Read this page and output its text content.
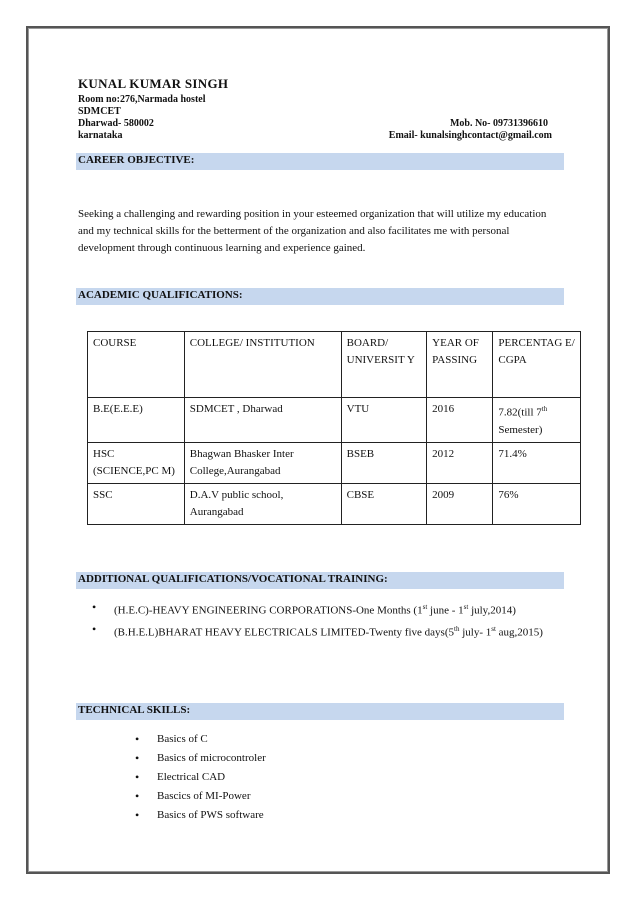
KUNAL KUMAR SINGH
Room no:276,Narmada hostel
SDMCET
Dharwad- 580002
karnataka
Mob. No- 09731396610
Email- kunalsinghcontact@gmail.com
CAREER OBJECTIVE:
Seeking a challenging and rewarding position in your esteemed organization that will utilize my education and my technical skills for the betterment of the organization and also facilitates me with personal development through continuous learning and experience gained.
ACADEMIC QUALIFICATIONS:
COURSE	COLLEGE/ INSTITUTION	BOARD/ UNIVERSIT Y	YEAR OF PASSING	PERCENTAG E/ CGPA
B.E(E.E.E)	SDMCET , Dharwad	VTU	2016	7.82(till 7th Semester)
HSC (SCIENCE,PC M)	Bhagwan Bhasker Inter College,Aurangabad	BSEB	2012	71.4%
SSC	D.A.V public school, Aurangabad	CBSE	2009	76%
ADDITIONAL QUALIFICATIONS/VOCATIONAL TRAINING:
• (H.E.C)-HEAVY ENGINEERING CORPORATIONS-One Months (1st june - 1st july,2014)
• (B.H.E.L)BHARAT HEAVY ELECTRICALS LIMITED-Twenty five days(5th july- 1st aug,2015)
TECHNICAL SKILLS:
• Basics of C
• Basics of microcontroler
• Electrical CAD
• Bascics of MI-Power
• Basics of PWS software
